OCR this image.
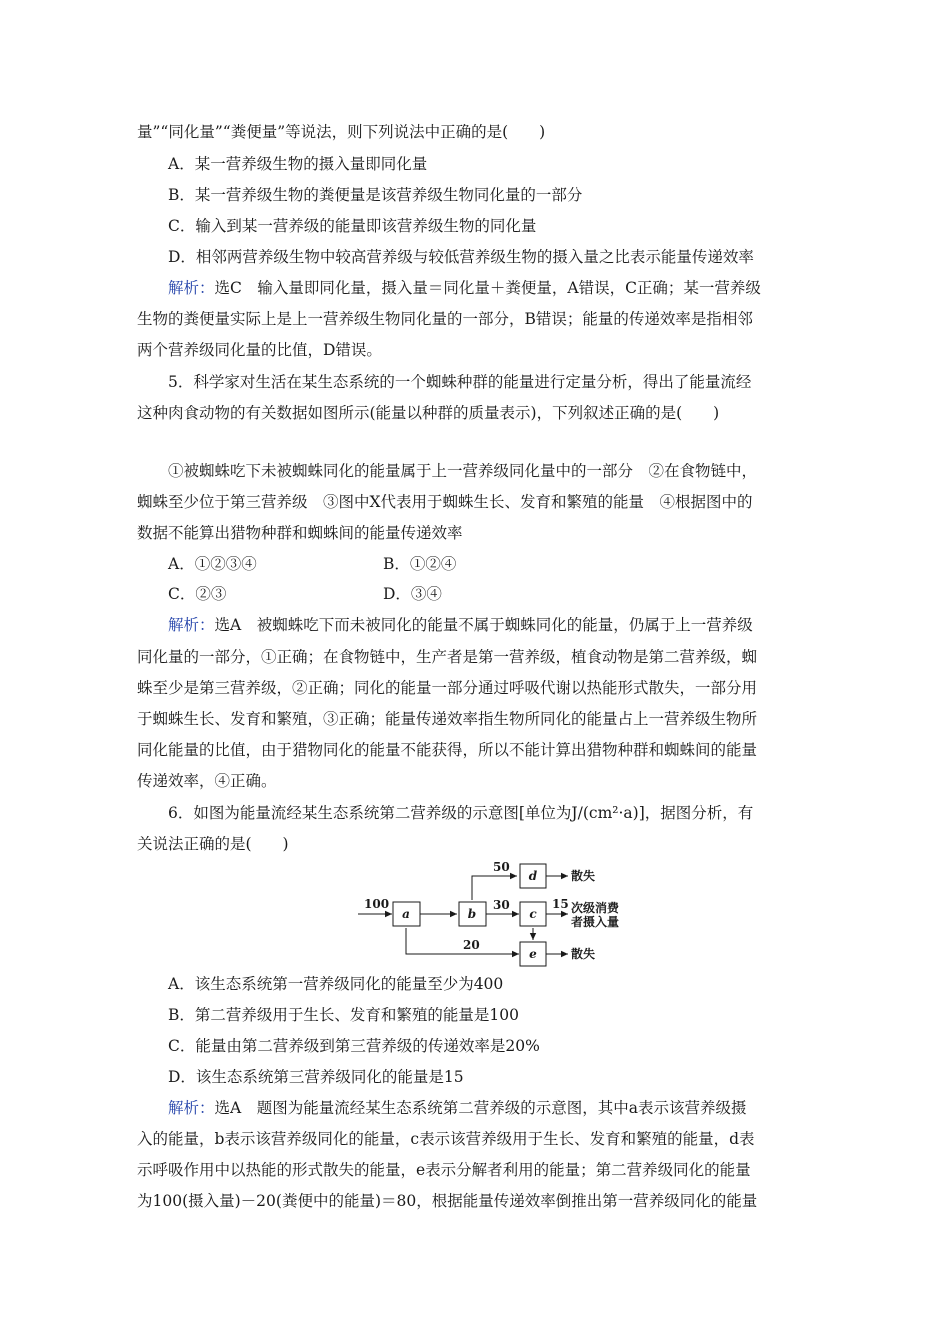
量”“同化量”“粪便量”等说法，则下列说法中正确的是(　　)
A．某一营养级生物的摄入量即同化量
B．某一营养级生物的粪便量是该营养级生物同化量的一部分
C．输入到某一营养级的能量即该营养级生物的同化量
D．相邻两营养级生物中较高营养级与较低营养级生物的摄入量之比表示能量传递效率
解析：选C　输入量即同化量，摄入量＝同化量＋粪便量，A错误，C正确；某一营养级
生物的粪便量实际上是上一营养级生物同化量的一部分，B错误；能量的传递效率是指相邻
两个营养级同化量的比值，D错误。
5．科学家对生活在某生态系统的一个蜘蛛种群的能量进行定量分析，得出了能量流经
这种肉食动物的有关数据如图所示(能量以种群的质量表示)，下列叙述正确的是(　　)
①被蜘蛛吃下未被蜘蛛同化的能量属于上一营养级同化量中的一部分　②在食物链中，
蜘蛛至少位于第三营养级　③图中X代表用于蜘蛛生长、发育和繁殖的能量　④根据图中的
数据不能算出猎物种群和蜘蛛间的能量传递效率
A．①②③④	B．①②④
C．②③	D．③④
解析：选A　被蜘蛛吃下而未被同化的能量不属于蜘蛛同化的能量，仍属于上一营养级
同化量的一部分，①正确；在食物链中，生产者是第一营养级，植食动物是第二营养级，蜘
蛛至少是第三营养级，②正确；同化的能量一部分通过呼吸代谢以热能形式散失，一部分用
于蜘蛛生长、发育和繁殖，③正确；能量传递效率指生物所同化的能量占上一营养级生物所
同化能量的比值，由于猎物同化的能量不能获得，所以不能计算出猎物种群和蜘蛛间的能量
传递效率，④正确。
6．如图为能量流经某生态系统第二营养级的示意图[单位为J/(cm²·a)]，据图分析，有
关说法正确的是(　　)
a	b
d
c
e
100
50
30	15
20
散失
散失
次级消费
者摄入量
A．该生态系统第一营养级同化的能量至少为400
B．第二营养级用于生长、发育和繁殖的能量是100
C．能量由第二营养级到第三营养级的传递效率是20%
D．该生态系统第三营养级同化的能量是15
解析：选A　题图为能量流经某生态系统第二营养级的示意图，其中a表示该营养级摄
入的能量，b表示该营养级同化的能量，c表示该营养级用于生长、发育和繁殖的能量，d表
示呼吸作用中以热能的形式散失的能量，e表示分解者利用的能量；第二营养级同化的能量
为100(摄入量)－20(粪便中的能量)＝80，根据能量传递效率倒推出第一营养级同化的能量
